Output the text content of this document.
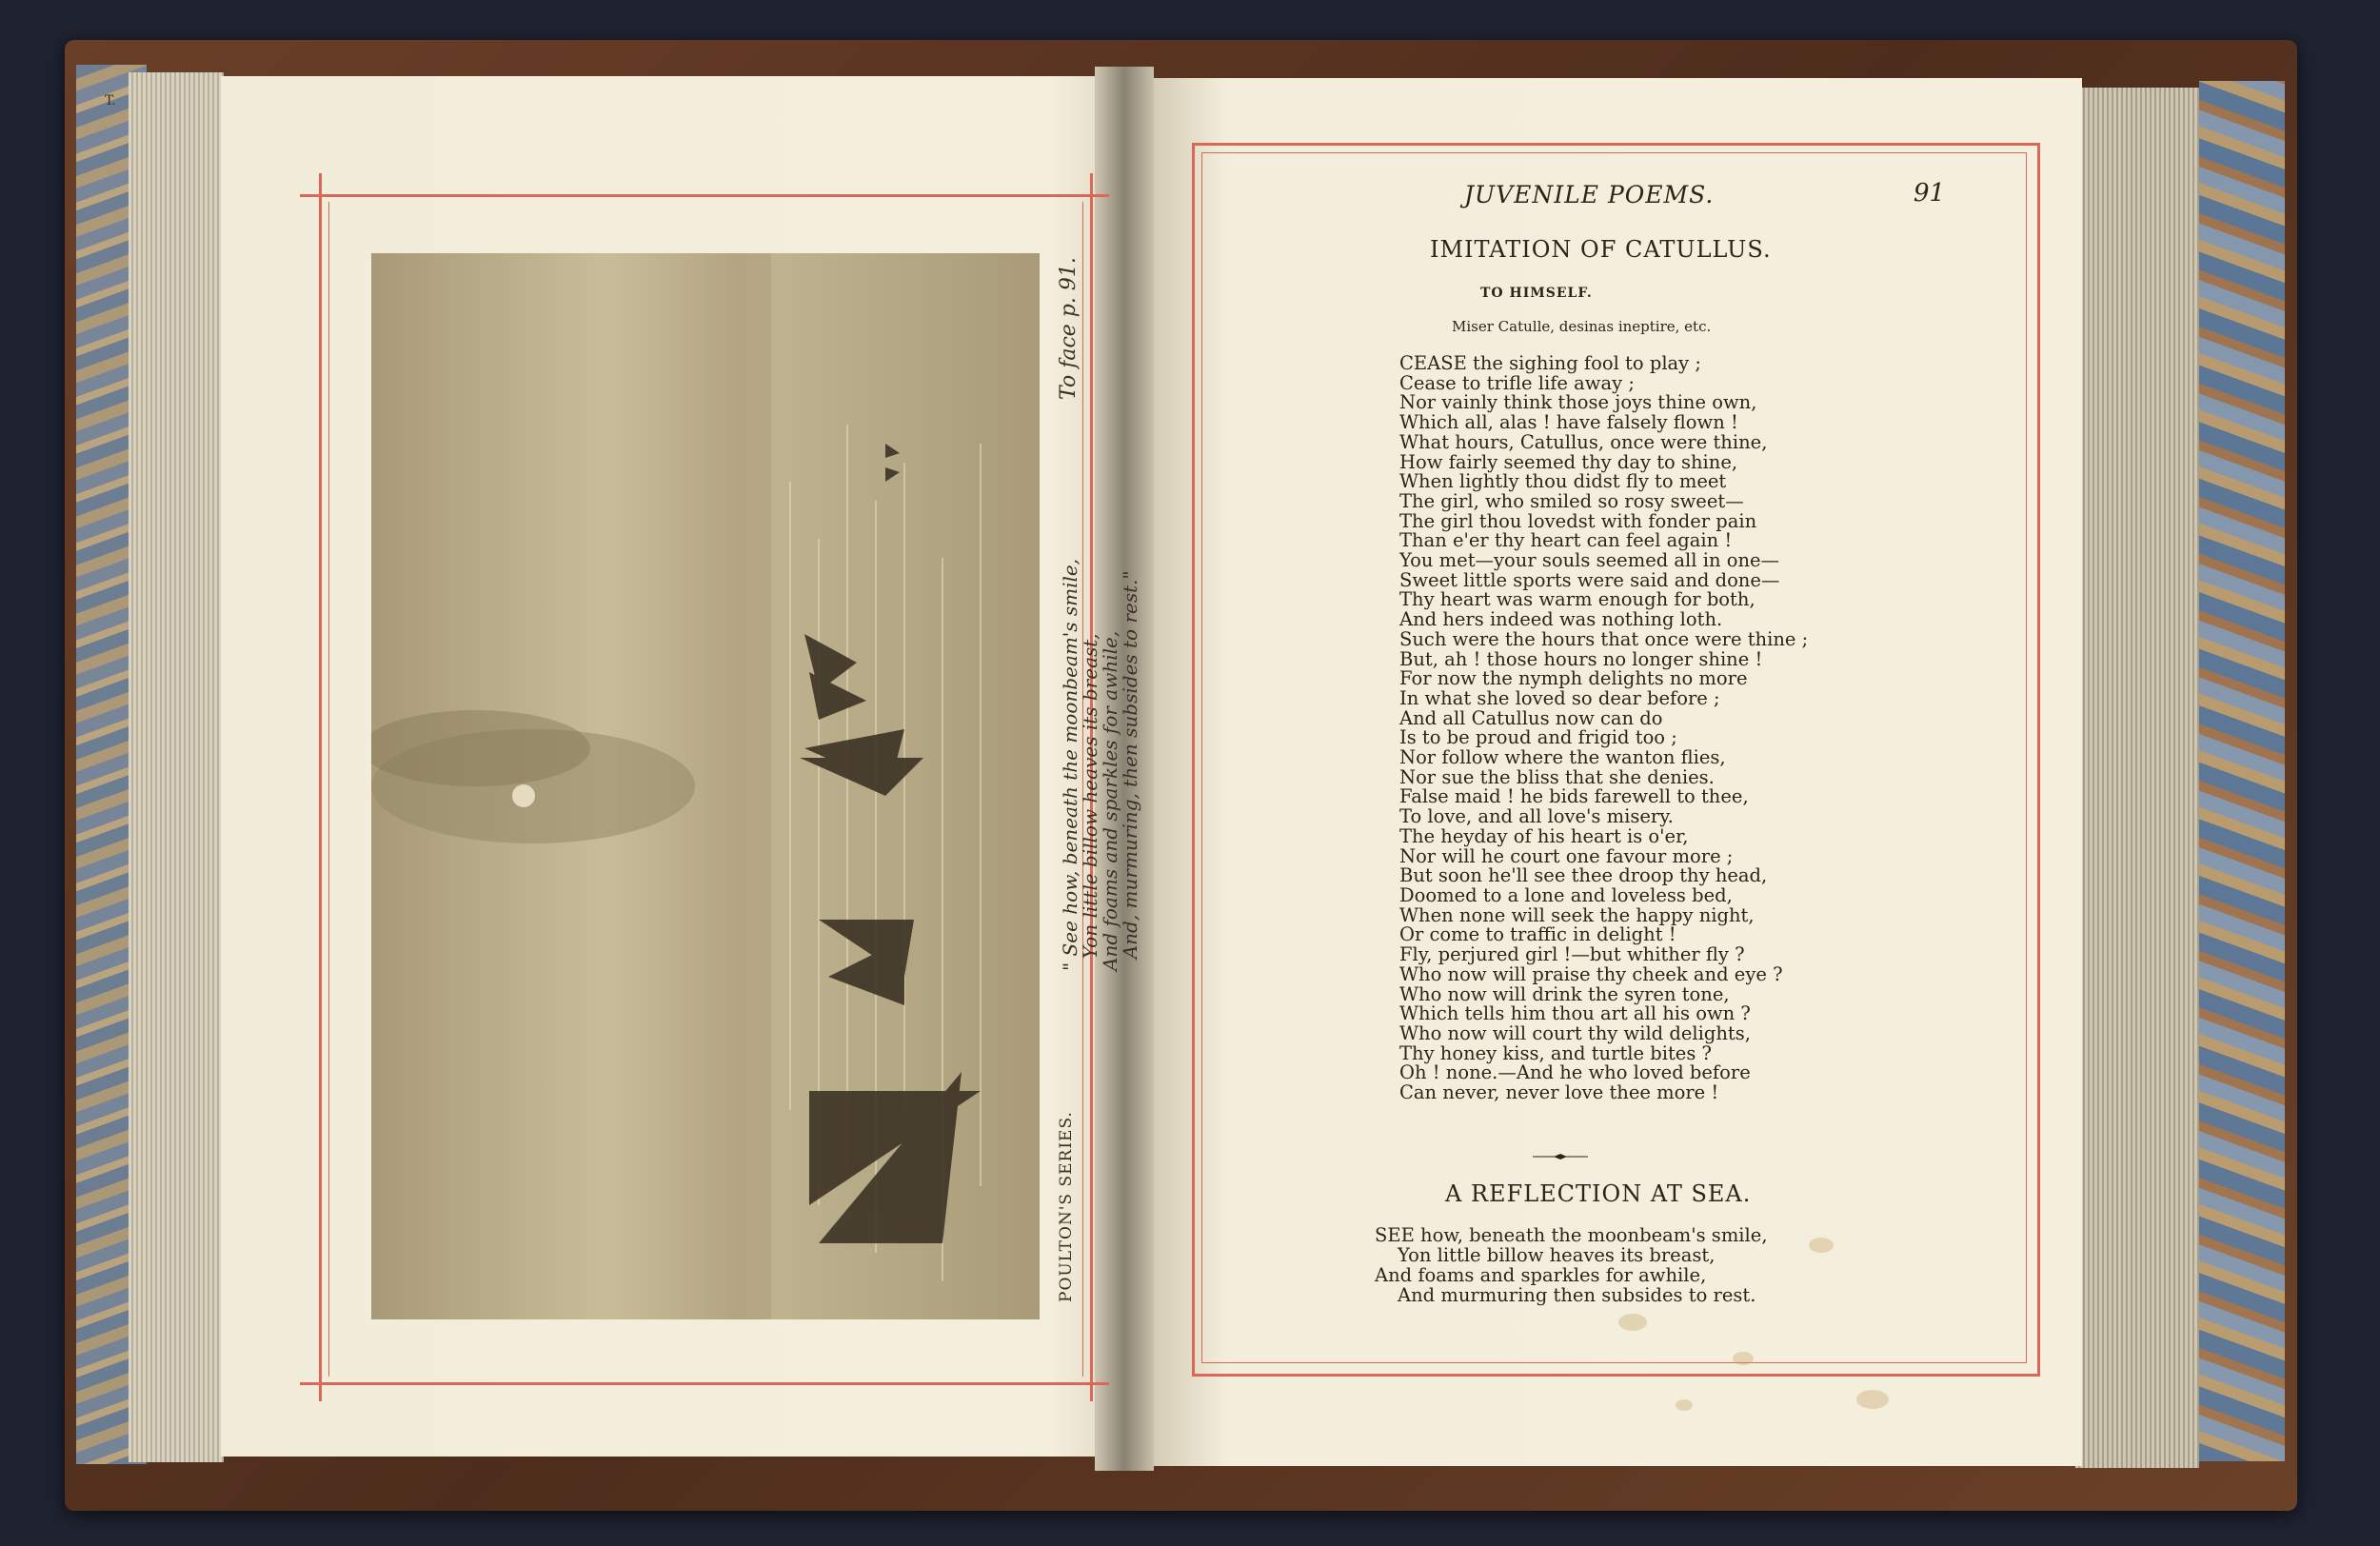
T.
To face p. 91.
POULTON'S SERIES.
" See how, beneath the moonbeam's smile,
Yon little billow heaves its breast,
And foams and sparkles for awhile,
And, murmuring, then subsides to rest."
JUVENILE POEMS.	91
IMITATION OF CATULLUS.
TO HIMSELF.
Miser Catulle, desinas ineptire, etc.
CEASE the sighing fool to play ;
Cease to trifle life away ;
Nor vainly think those joys thine own,
Which all, alas ! have falsely flown !
What hours, Catullus, once were thine,
How fairly seemed thy day to shine,
When lightly thou didst fly to meet
The girl, who smiled so rosy sweet—
The girl thou lovedst with fonder pain
Than e'er thy heart can feel again !
You met—your souls seemed all in one—
Sweet little sports were said and done—
Thy heart was warm enough for both,
And hers indeed was nothing loth.
Such were the hours that once were thine ;
But, ah ! those hours no longer shine !
For now the nymph delights no more
In what she loved so dear before ;
And all Catullus now can do
Is to be proud and frigid too ;
Nor follow where the wanton flies,
Nor sue the bliss that she denies.
False maid ! he bids farewell to thee,
To love, and all love's misery.
The heyday of his heart is o'er,
Nor will he court one favour more ;
But soon he'll see thee droop thy head,
Doomed to a lone and loveless bed,
When none will seek the happy night,
Or come to traffic in delight !
Fly, perjured girl !—but whither fly ?
Who now will praise thy cheek and eye ?
Who now will drink the syren tone,
Which tells him thou art all his own ?
Who now will court thy wild delights,
Thy honey kiss, and turtle bites ?
Oh ! none.—And he who loved before
Can never, never love thee more !
A REFLECTION AT SEA.
SEE how, beneath the moonbeam's smile,
Yon little billow heaves its breast,
And foams and sparkles for awhile,
And murmuring then subsides to rest.
